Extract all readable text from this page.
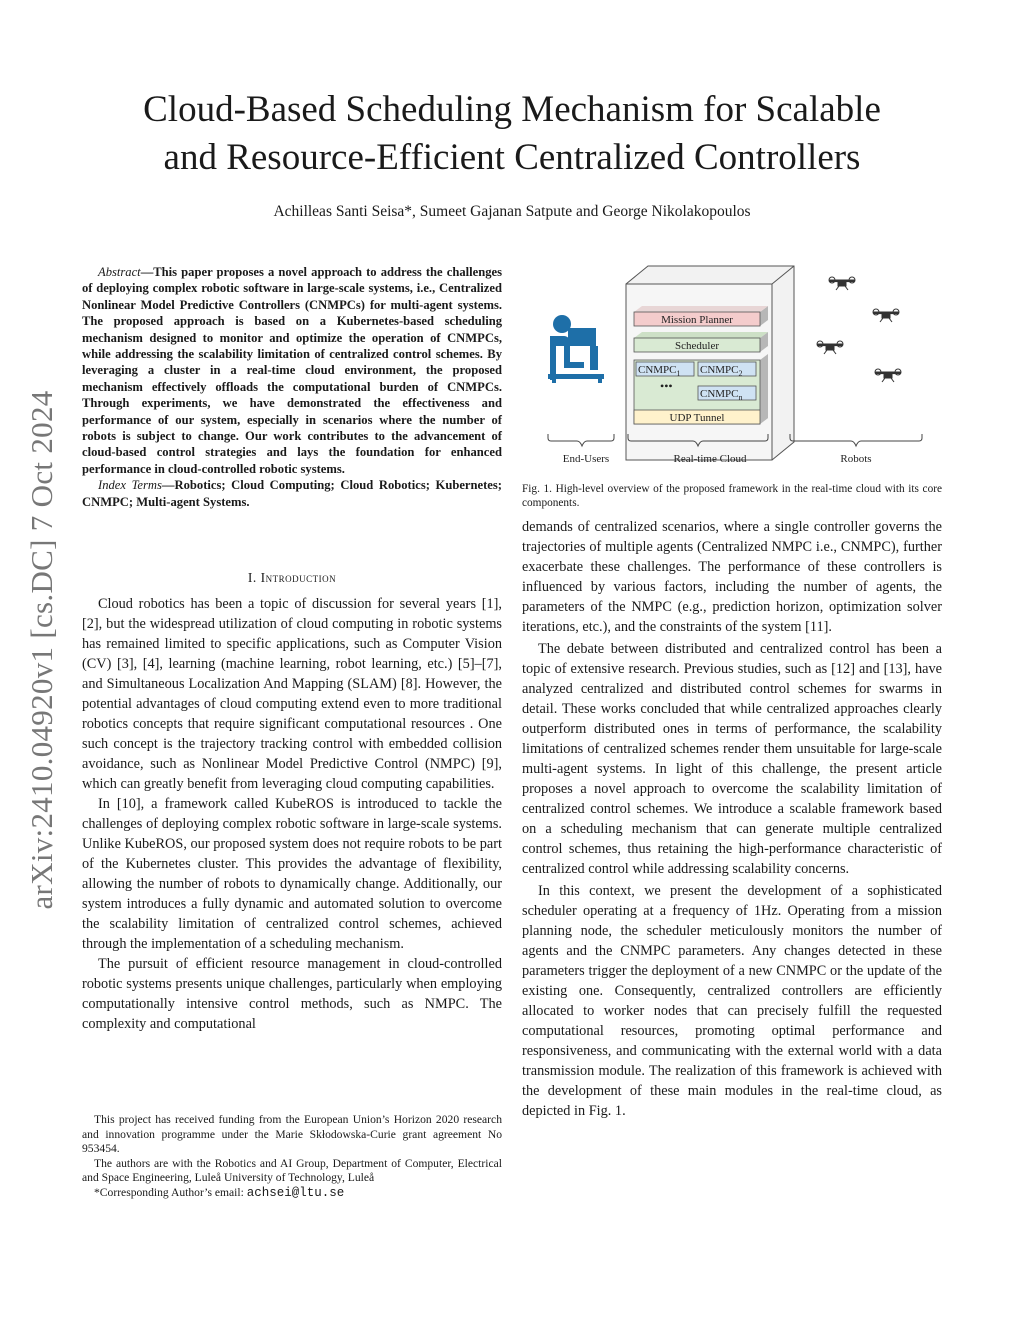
arXiv:2410.04920v1 [cs.DC] 7 Oct 2024
Cloud-Based Scheduling Mechanism for Scalable
and Resource-Efficient Centralized Controllers
Achilleas Santi Seisa*, Sumeet Gajanan Satpute and George Nikolakopoulos

Abstract—This paper proposes a novel approach to address the challenges of deploying complex robotic software in large-scale systems, i.e., Centralized Nonlinear Model Predictive Controllers (CNMPCs) for multi-agent systems. The proposed approach is based on a Kubernetes-based scheduling mechanism designed to monitor and optimize the operation of CNMPCs, while addressing the scalability limitation of centralized control schemes. By leveraging a cluster in a real-time cloud environment, the proposed mechanism effectively offloads the computational burden of CNMPCs. Through experiments, we have demonstrated the effectiveness and performance of our system, especially in scenarios where the number of robots is subject to change. Our work contributes to the advancement of cloud-based control strategies and lays the foundation for enhanced performance in cloud-controlled robotic systems.

Index Terms—Robotics; Cloud Computing; Cloud Robotics; Kubernetes; CNMPC; Multi-agent Systems.

I. Introduction

Cloud robotics has been a topic of discussion for several years [1], [2], but the widespread utilization of cloud computing in robotic systems has remained limited to specific applications, such as Computer Vision (CV) [3], [4], learning (machine learning, robot learning, etc.) [5]–[7], and Simultaneous Localization And Mapping (SLAM) [8]. However, the potential advantages of cloud computing extend even to more traditional robotics concepts that require significant computational resources . One such concept is the trajectory tracking control with embedded collision avoidance, such as Nonlinear Model Predictive Control (NMPC) [9], which can greatly benefit from leveraging cloud computing capabilities.

In [10], a framework called KubeROS is introduced to tackle the challenges of deploying complex robotic software in large-scale systems. Unlike KubeROS, our proposed system does not require robots to be part of the Kubernetes cluster. This provides the advantage of flexibility, allowing the number of robots to dynamically change. Additionally, our system introduces a fully dynamic and automated solution to overcome the scalability limitation of centralized control schemes, achieved through the implementation of a scheduling mechanism.

The pursuit of efficient resource management in cloud-controlled robotic systems presents unique challenges, particularly when employing computationally intensive control methods, such as NMPC. The complexity and computational

This project has received funding from the European Union’s Horizon 2020 research and innovation programme under the Marie Skłodowska-Curie grant agreement No 953454.

The authors are with the Robotics and AI Group, Department of Computer, Electrical and Space Engineering, Luleå University of Technology, Luleå

*Corresponding Author’s email: achsei@ltu.se

Mission Planner
Scheduler
$CNMPC_1$ $CNMPC_2$
•••
$CNMPC_n$
UDP Tunnel
End-Users	Real-time Cloud	Robots
Fig. 1. High-level overview of the proposed framework in the real-time cloud with its core components.

demands of centralized scenarios, where a single controller governs the trajectories of multiple agents (Centralized NMPC i.e., CNMPC), further exacerbate these challenges. The performance of these controllers is influenced by various factors, including the number of agents, the parameters of the NMPC (e.g., prediction horizon, optimization solver iterations, etc.), and the constraints of the system [11].

The debate between distributed and centralized control has been a topic of extensive research. Previous studies, such as [12] and [13], have analyzed centralized and distributed control schemes for swarms in detail. These works concluded that while centralized approaches clearly outperform distributed ones in terms of performance, the scalability limitations of centralized schemes render them unsuitable for large-scale multi-agent systems. In light of this challenge, the present article proposes a novel approach to overcome the scalability limitation of centralized control schemes. We introduce a scalable framework based on a scheduling mechanism that can generate multiple centralized control schemes, thus retaining the high-performance characteristic of centralized control while addressing scalability concerns.

In this context, we present the development of a sophisticated scheduler operating at a frequency of 1Hz. Operating from a mission planning node, the scheduler meticulously monitors the number of agents and the CNMPC parameters. Any changes detected in these parameters trigger the deployment of a new CNMPC or the update of the existing one. Consequently, centralized controllers are efficiently allocated to worker nodes that can precisely fulfill the requested computational resources, promoting optimal performance and responsiveness, and communicating with the external world with a data transmission module. The realization of this framework is achieved with the development of these main modules in the real-time cloud, as depicted in Fig. 1.
